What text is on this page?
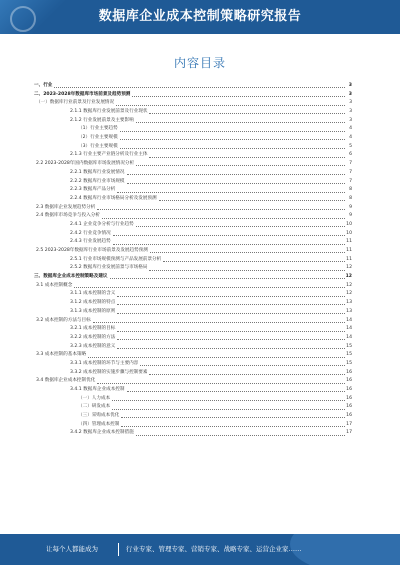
数据库企业成本控制策略研究报告
内容目录
一、行业	3
二、2023-2028年数据库市场前景及趋势预测	3
（一）数据库行业前景及行业发展情况	3
2.1.1 数据库行业发展前景及行业现状	3
2.1.2 行业发展前景及主要影响	3
（1）行业主要趋势	4
（2）行业主要规模	4
（3）行业主要规模	5
2.1.3 行业主要产业链分析及行业主体	6
2.2 2023-2028年国内数据库市场发展情况分析	7
2.2.1 数据库行业发展情况	7
2.2.2 数据库行业市场规模	7
2.2.3 数据库产品分析	8
2.2.4 数据库行业市场格局分析及发展预测	8
2.3 数据库企业发展趋势分析	9
2.4 数据库市场竞争与投入分析	9
2.4.1 企业竞争分析与行业趋势	10
2.4.2 行业竞争情况	10
2.4.3 行业发展趋势	11
2.5 2023-2028年数据库行业市场前景及发展趋势预测	11
2.5.1 行业市场规模预测与产品发展前景分析	11
2.5.2 数据库行业发展前景与市场格局	12
三、数据库企业成本控制策略及建议	12
3.1 成本控制概念	12
3.1.1 成本控制的含义	12
3.1.2 成本控制的特点	13
3.1.3 成本控制的原则	13
3.2 成本控制的方法与目标	14
3.2.1 成本控制的目标	14
3.2.2 成本控制的方法	14
3.2.3 成本控制的意义	15
3.3 成本控制的基本策略	15
3.3.1 成本控制的环节与主要内容	15
3.3.2 成本控制的实施步骤与控制要素	16
3.4 数据库企业成本控制优化	16
3.4.1 数据库企业成本控制	16
（一）人力成本	16
（二）研发成本	16
（三）采购成本优化	16
（四）管理成本控制	17
3.4.2 数据库企业成本控制措施	17
让每个人都能成为	行业专家、管理专家、营销专家、战略专家、运营企业家……
